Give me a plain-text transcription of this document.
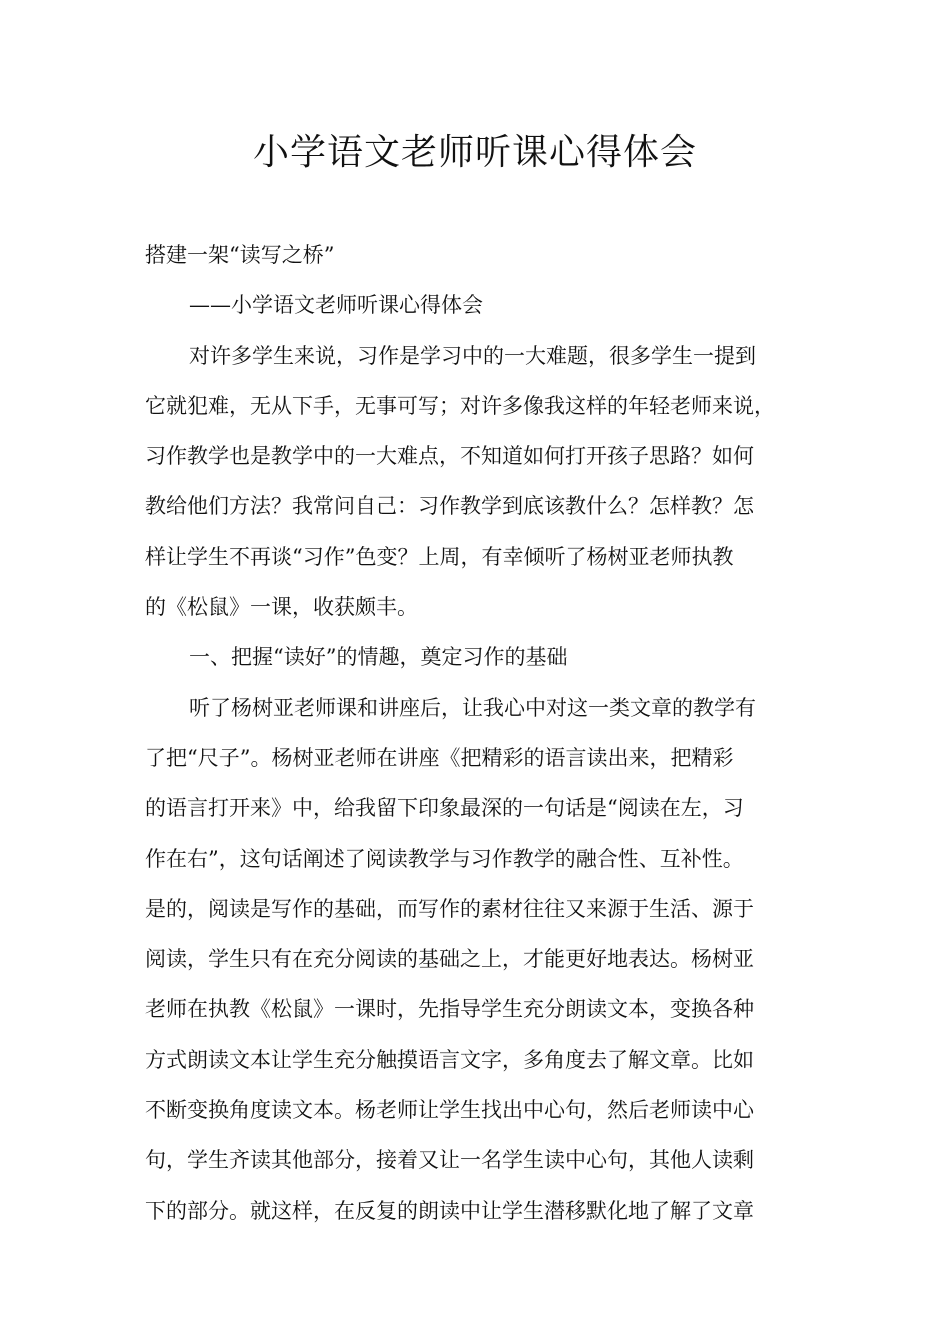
小学语文老师听课心得体会
搭建一架“读写之桥”
——小学语文老师听课心得体会
对许多学生来说，习作是学习中的一大难题，很多学生一提到
它就犯难，无从下手，无事可写；对许多像我这样的年轻老师来说，
习作教学也是教学中的一大难点，不知道如何打开孩子思路？如何
教给他们方法？我常问自己：习作教学到底该教什么？怎样教？怎
样让学生不再谈“习作”色变？上周，有幸倾听了杨树亚老师执教
的《松鼠》一课，收获颇丰。
一、把握“读好”的情趣，奠定习作的基础
听了杨树亚老师课和讲座后，让我心中对这一类文章的教学有
了把“尺子”。杨树亚老师在讲座《把精彩的语言读出来，把精彩
的语言打开来》中，给我留下印象最深的一句话是“阅读在左，习
作在右”，这句话阐述了阅读教学与习作教学的融合性、互补性。
是的，阅读是写作的基础，而写作的素材往往又来源于生活、源于
阅读，学生只有在充分阅读的基础之上，才能更好地表达。杨树亚
老师在执教《松鼠》一课时，先指导学生充分朗读文本，变换各种
方式朗读文本让学生充分触摸语言文字，多角度去了解文章。比如
不断变换角度读文本。杨老师让学生找出中心句，然后老师读中心
句，学生齐读其他部分，接着又让一名学生读中心句，其他人读剩
下的部分。就这样，在反复的朗读中让学生潜移默化地了解了文章
